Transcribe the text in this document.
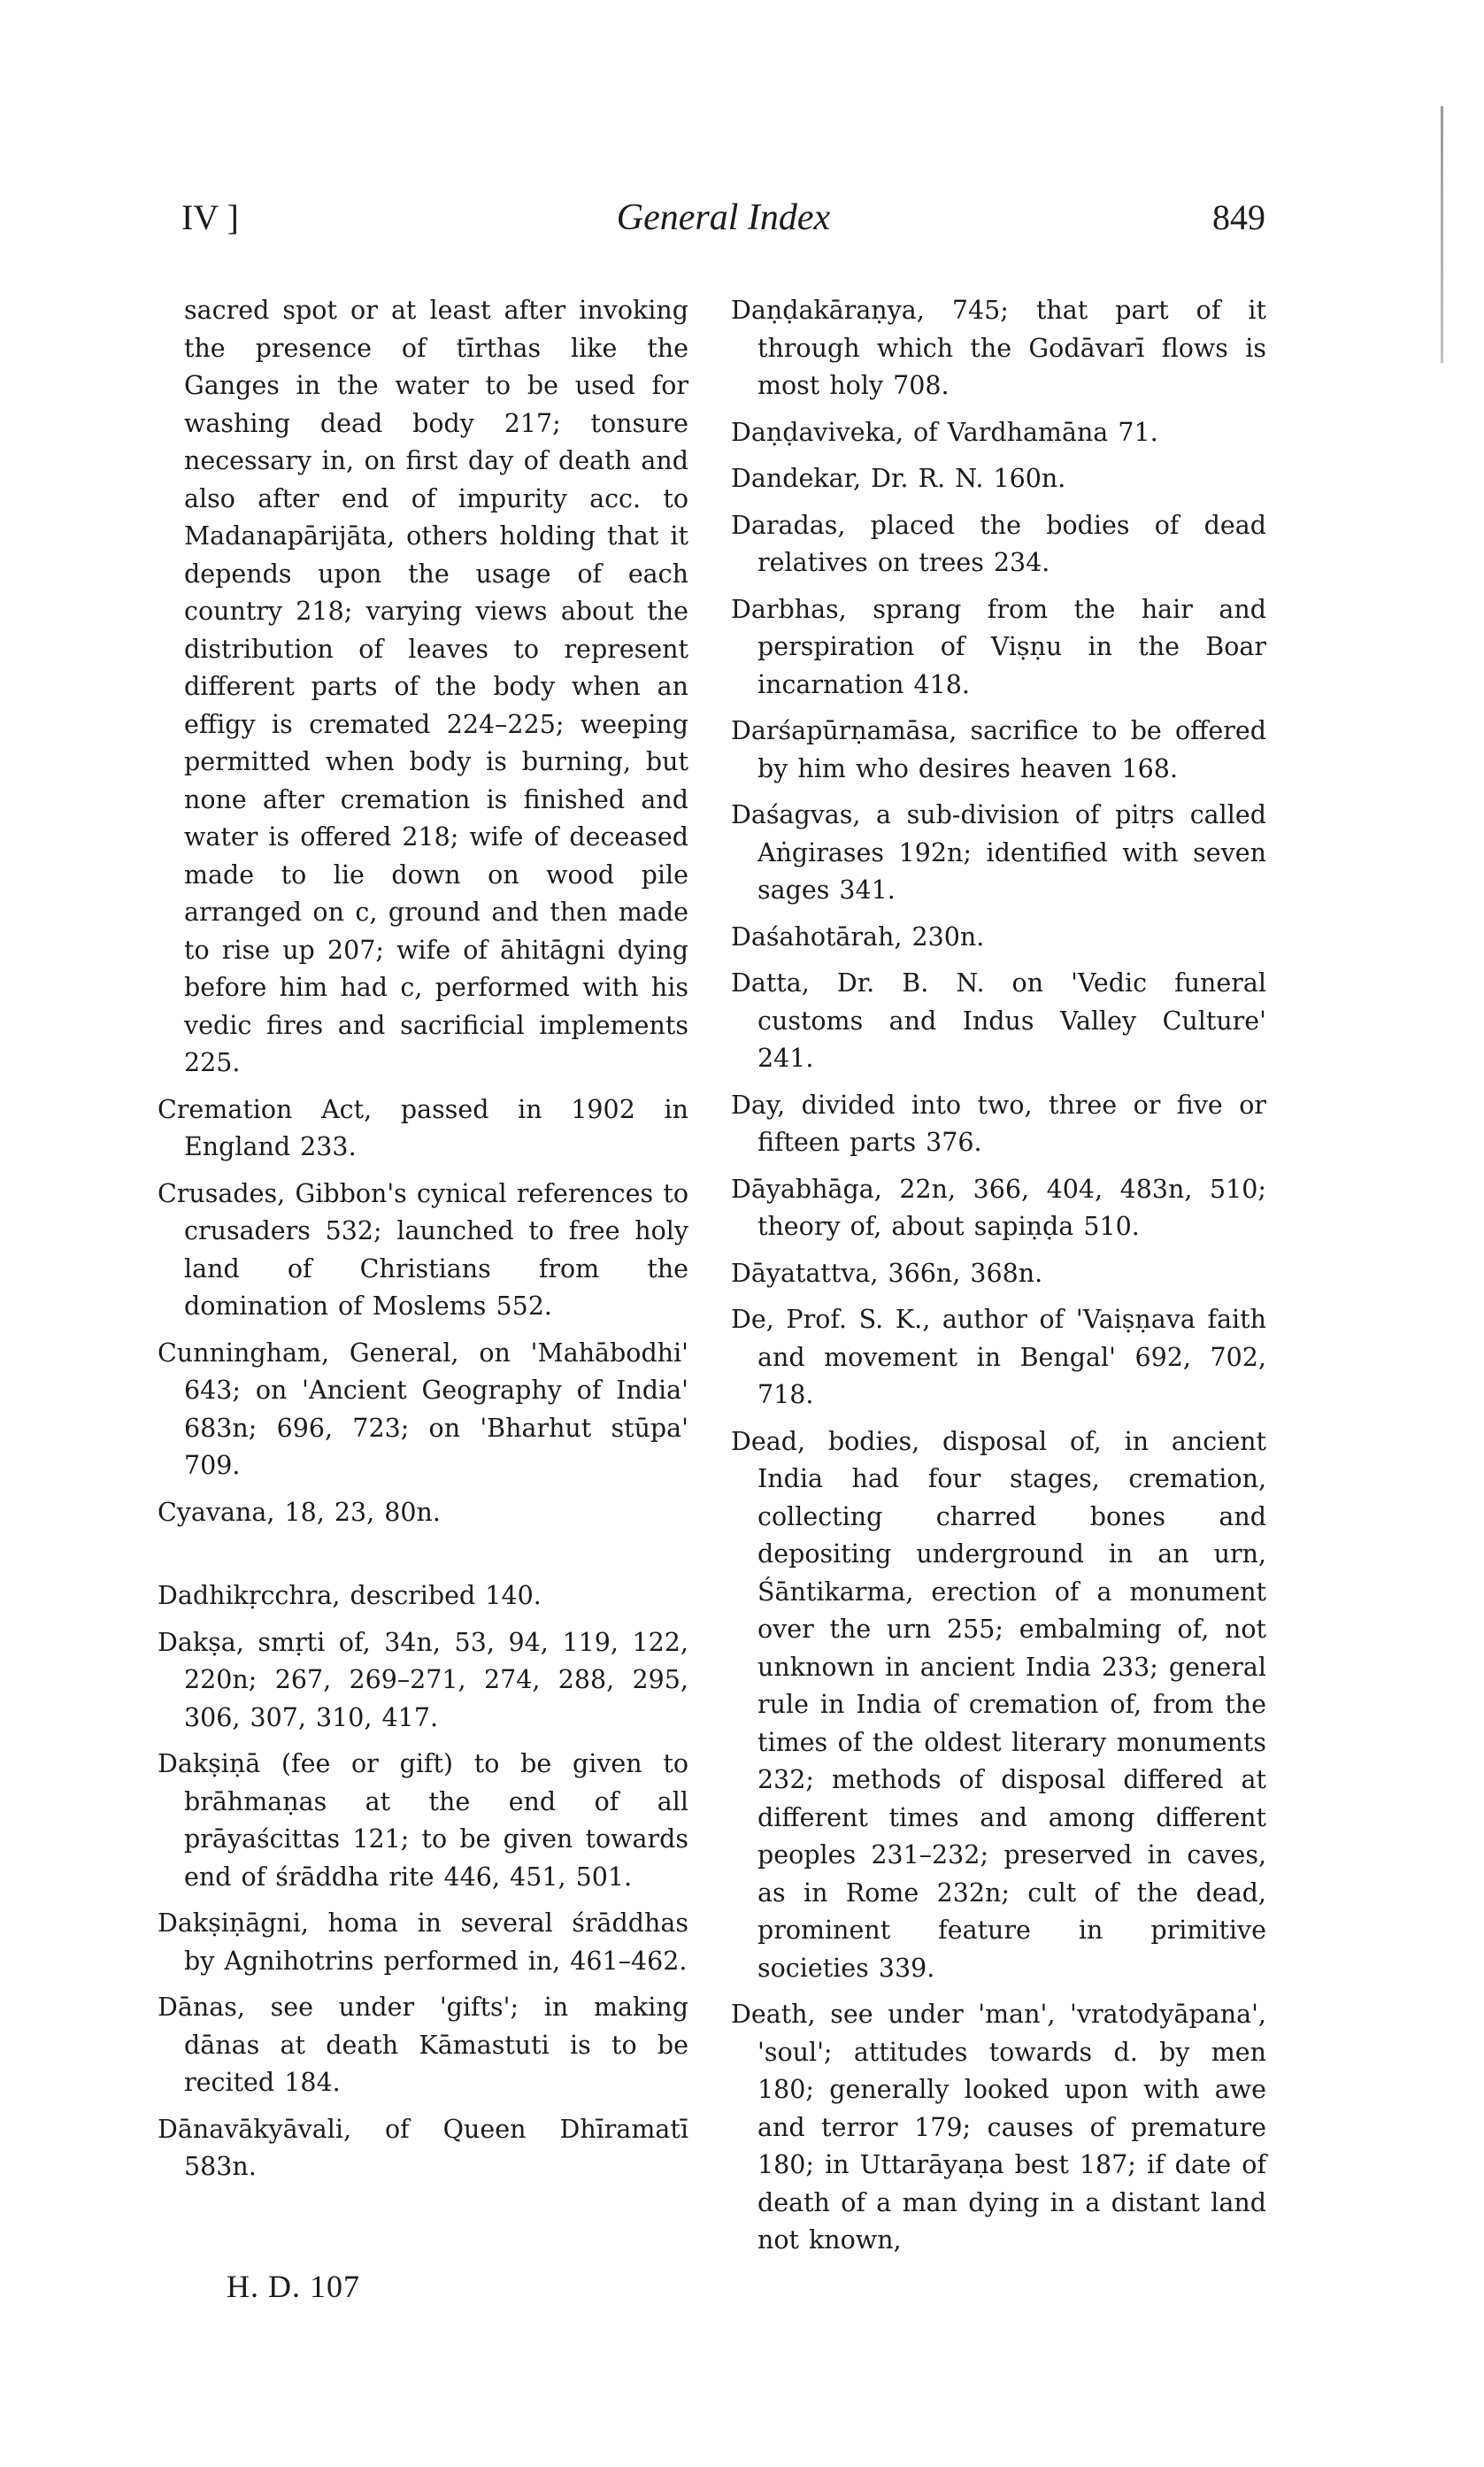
IV ]	General Index	849

sacred spot or at least after invoking the presence of tīrthas like the Ganges in the water to be used for washing dead body 217; tonsure necessary in, on first day of death and also after end of impurity acc. to Madanapārijāta, others holding that it depends upon the usage of each country 218; varying views about the distribution of leaves to represent different parts of the body when an effigy is cremated 224–225; weeping permitted when body is burning, but none after cremation is finished and water is offered 218; wife of deceased made to lie down on wood pile arranged on c, ground and then made to rise up 207; wife of āhitāgni dying before him had c, performed with his vedic fires and sacrificial implements 225.

Cremation Act, passed in 1902 in England 233.

Crusades, Gibbon's cynical references to crusaders 532; launched to free holy land of Christians from the domination of Moslems 552.

Cunningham, General, on 'Mahābodhi' 643; on 'Ancient Geography of India' 683n; 696, 723; on 'Bharhut stūpa' 709.

Cyavana, 18, 23, 80n.

Dadhikṛcchra, described 140.

Dakṣa, smṛti of, 34n, 53, 94, 119, 122, 220n; 267, 269–271, 274, 288, 295, 306, 307, 310, 417.

Dakṣiṇā (fee or gift) to be given to brāhmaṇas at the end of all prāyaścittas 121; to be given towards end of śrāddha rite 446, 451, 501.

Dakṣiṇāgni, homa in several śrāddhas by Agnihotrins performed in, 461–462.

Dānas, see under 'gifts'; in making dānas at death Kāmastuti is to be recited 184.

Dānavākyāvali, of Queen Dhīramatī 583n.

Daṇḍakāraṇya, 745; that part of it through which the Godāvarī flows is most holy 708.

Daṇḍaviveka, of Vardhamāna 71.

Dandekar, Dr. R. N. 160n.

Daradas, placed the bodies of dead relatives on trees 234.

Darbhas, sprang from the hair and perspiration of Viṣṇu in the Boar incarnation 418.

Darśapūrṇamāsa, sacrifice to be offered by him who desires heaven 168.

Daśagvas, a sub-division of pitṛs called Aṅgirases 192n; identified with seven sages 341.

Daśahotārah, 230n.

Datta, Dr. B. N. on 'Vedic funeral customs and Indus Valley Culture' 241.

Day, divided into two, three or five or fifteen parts 376.

Dāyabhāga, 22n, 366, 404, 483n, 510; theory of, about sapiṇḍa 510.

Dāyatattva, 366n, 368n.

De, Prof. S. K., author of 'Vaiṣṇava faith and movement in Bengal' 692, 702, 718.

Dead, bodies, disposal of, in ancient India had four stages, cremation, collecting charred bones and depositing underground in an urn, Śāntikarma, erection of a monument over the urn 255; embalming of, not unknown in ancient India 233; general rule in India of cremation of, from the times of the oldest literary monuments 232; methods of disposal differed at different times and among different peoples 231–232; preserved in caves, as in Rome 232n; cult of the dead, prominent feature in primitive societies 339.

Death, see under 'man', 'vratodyāpana', 'soul'; attitudes towards d. by men 180; generally looked upon with awe and terror 179; causes of premature 180; in Uttarāyaṇa best 187; if date of death of a man dying in a distant land not known,

H. D. 107
